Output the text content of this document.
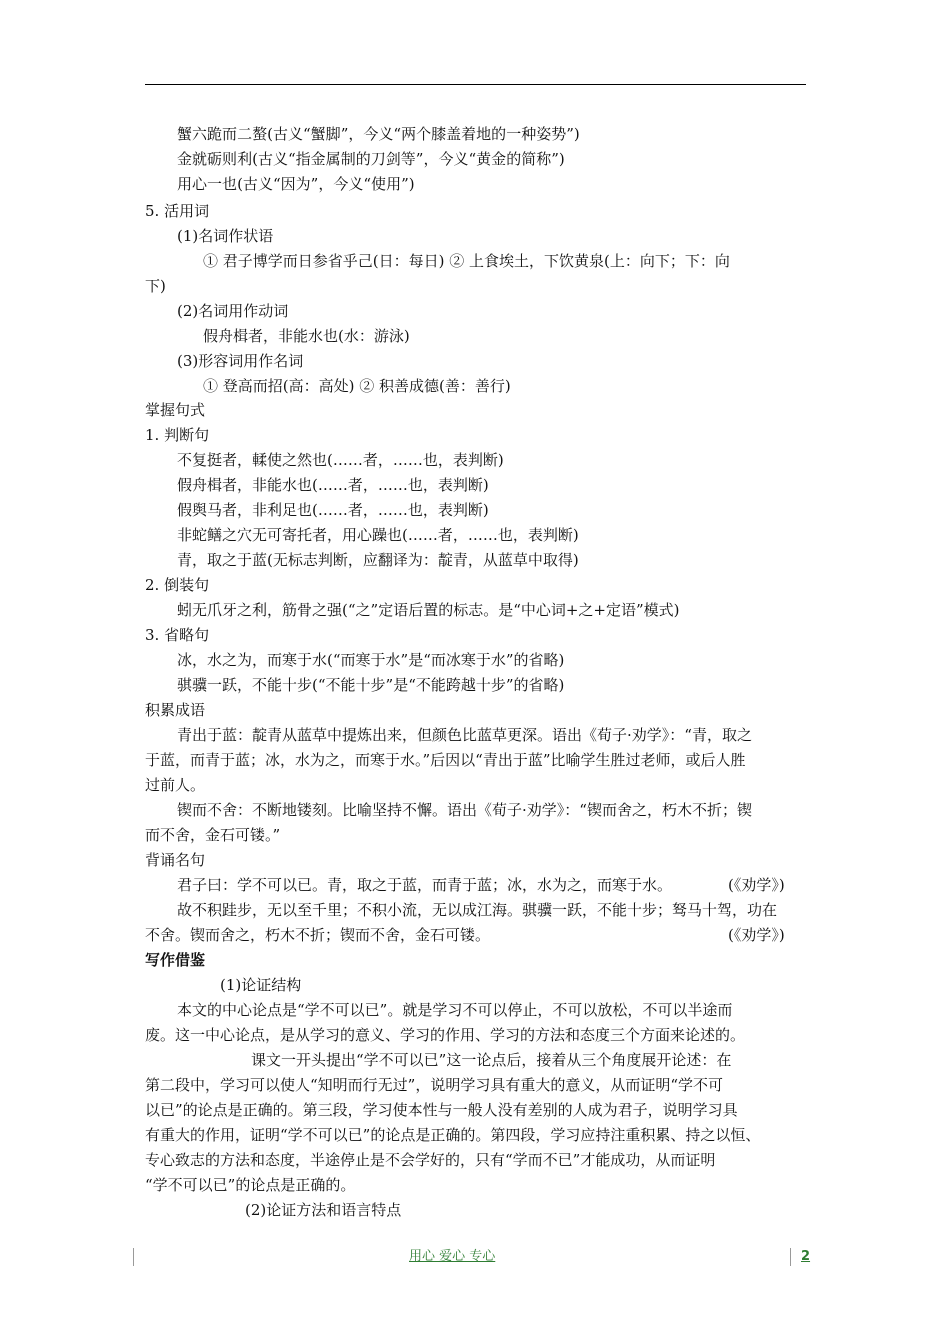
蟹六跪而二螯(古义“蟹脚”，今义“两个膝盖着地的一种姿势”)
金就砺则利(古义“指金属制的刀剑等”，今义“黄金的简称”)
用心一也(古义“因为”，今义“使用”)
5. 活用词
(1)名词作状语
① 君子博学而日参省乎己(日：每日) ② 上食埃土，下饮黄泉(上：向下；下：向
下)
(2)名词用作动词
假舟楫者，非能水也(水：游泳)
(3)形容词用作名词
① 登高而招(高：高处) ② 积善成德(善：善行)
掌握句式
1. 判断句
不复挺者，輮使之然也(……者，……也，表判断)
假舟楫者，非能水也(……者，……也，表判断)
假舆马者，非利足也(……者，……也，表判断)
非蛇鳝之穴无可寄托者，用心躁也(……者，……也，表判断)
青，取之于蓝(无标志判断，应翻译为：靛青，从蓝草中取得)
2. 倒装句
蚓无爪牙之利，筋骨之强(“之”定语后置的标志。是“中心词+之+定语”模式)
3. 省略句
冰，水之为，而寒于水(“而寒于水”是“而冰寒于水”的省略)
骐骥一跃，不能十步(“不能十步”是“不能跨越十步”的省略)
积累成语
青出于蓝：靛青从蓝草中提炼出来，但颜色比蓝草更深。语出《荀子·劝学》：“青，取之
于蓝，而青于蓝；冰，水为之，而寒于水。”后因以“青出于蓝”比喻学生胜过老师，或后人胜
过前人。
锲而不舍：不断地镂刻。比喻坚持不懈。语出《荀子·劝学》：“锲而舍之，朽木不折；锲
而不舍，金石可镂。”
背诵名句
君子曰：学不可以已。青，取之于蓝，而青于蓝；冰，水为之，而寒于水。
故不积跬步，无以至千里；不积小流，无以成江海。骐骥一跃，不能十步；驽马十驾，功在
不舍。锲而舍之，朽木不折；锲而不舍，金石可镂。
写作借鉴
(1)论证结构
本文的中心论点是“学不可以已”。就是学习不可以停止，不可以放松，不可以半途而
废。这一中心论点，是从学习的意义、学习的作用、学习的方法和态度三个方面来论述的。
课文一开头提出“学不可以已”这一论点后，接着从三个角度展开论述：在
第二段中，学习可以使人“知明而行无过”，说明学习具有重大的意义，从而证明“学不可
以已”的论点是正确的。第三段，学习使本性与一般人没有差别的人成为君子，说明学习具
有重大的作用，证明“学不可以已”的论点是正确的。第四段，学习应持注重积累、持之以恒、
专心致志的方法和态度，半途停止是不会学好的，只有“学而不已”才能成功，从而证明
“学不可以已”的论点是正确的。
(2)论证方法和语言特点
(《劝学》)
(《劝学》)
用心 爱心 专心	2
